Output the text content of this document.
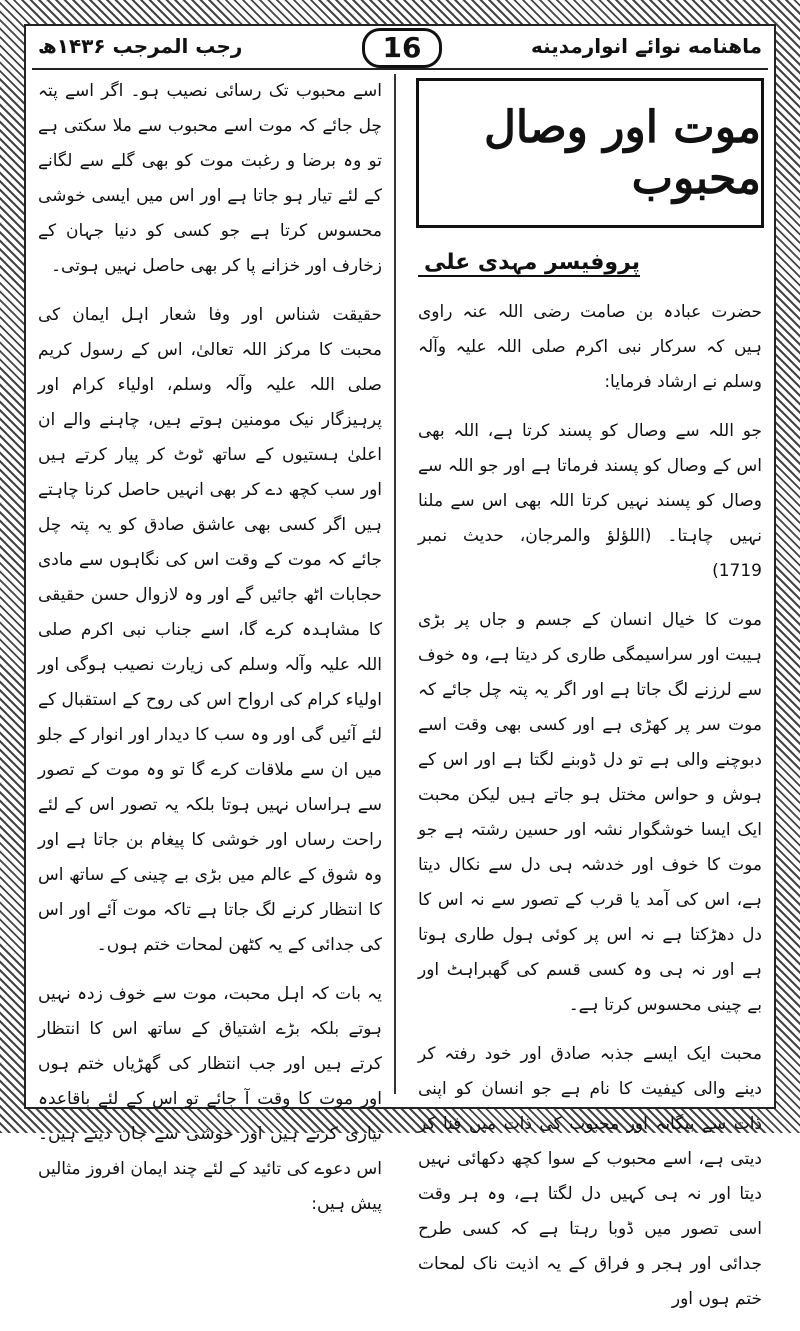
ماهنامه نوائے انوارمدینه
16
رجب المرجب ۱۴۳۶ھ
موت اور وصال محبوب
پروفیسر مہدی علی

حضرت عبادہ بن صامت رضی اللہ عنہ راوی ہیں کہ سرکار نبی اکرم صلی اللہ علیہ وآلہ وسلم نے ارشاد فرمایا:

جو اللہ سے وصال کو پسند کرتا ہے، اللہ بھی اس کے وصال کو پسند فرماتا ہے اور جو اللہ سے وصال کو پسند نہیں کرتا اللہ بھی اس سے ملنا نہیں چاہتا۔ (اللؤلؤ والمرجان، حدیث نمبر 1719)

موت کا خیال انسان کے جسم و جاں پر بڑی ہیبت اور سراسیمگی طاری کر دیتا ہے، وہ خوف سے لرزنے لگ جاتا ہے اور اگر یہ پتہ چل جائے کہ موت سر پر کھڑی ہے اور کسی بھی وقت اسے دبوچنے والی ہے تو دل ڈوبنے لگتا ہے اور اس کے ہوش و حواس مختل ہو جاتے ہیں لیکن محبت ایک ایسا خوشگوار نشہ اور حسین رشتہ ہے جو موت کا خوف اور خدشہ ہی دل سے نکال دیتا ہے، اس کی آمد یا قرب کے تصور سے نہ اس کا دل دھڑکتا ہے نہ اس پر کوئی ہول طاری ہوتا ہے اور نہ ہی وہ کسی قسم کی گھبراہٹ اور بے چینی محسوس کرتا ہے۔

محبت ایک ایسے جذبہ صادق اور خود رفتہ کر دینے والی کیفیت کا نام ہے جو انسان کو اپنی ذات سے بیگانہ اور محبوب کی ذات میں فنا کر دیتی ہے، اسے محبوب کے سوا کچھ دکھائی نہیں دیتا اور نہ ہی کہیں دل لگتا ہے، وہ ہر وقت اسی تصور میں ڈوبا رہتا ہے کہ کسی طرح جدائی اور ہجر و فراق کے یہ اذیت ناک لمحات ختم ہوں اور

اسے محبوب تک رسائی نصیب ہو۔ اگر اسے پتہ چل جائے کہ موت اسے محبوب سے ملا سکتی ہے تو وہ برضا و رغبت موت کو بھی گلے سے لگانے کے لئے تیار ہو جاتا ہے اور اس میں ایسی خوشی محسوس کرتا ہے جو کسی کو دنیا جہان کے زخارف اور خزانے پا کر بھی حاصل نہیں ہوتی۔

حقیقت شناس اور وفا شعار اہل ایمان کی محبت کا مرکز اللہ تعالیٰ، اس کے رسول کریم صلی اللہ علیہ وآلہ وسلم، اولیاء کرام اور پرہیزگار نیک مومنین ہوتے ہیں، چاہنے والے ان اعلیٰ ہستیوں کے ساتھ ٹوٹ کر پیار کرتے ہیں اور سب کچھ دے کر بھی انہیں حاصل کرنا چاہتے ہیں اگر کسی بھی عاشق صادق کو یہ پتہ چل جائے کہ موت کے وقت اس کی نگاہوں سے مادی حجابات اٹھ جائیں گے اور وہ لازوال حسن حقیقی کا مشاہدہ کرے گا، اسے جناب نبی اکرم صلی اللہ علیہ وآلہ وسلم کی زیارت نصیب ہوگی اور اولیاء کرام کی ارواح اس کی روح کے استقبال کے لئے آئیں گی اور وہ سب کا دیدار اور انوار کے جلو میں ان سے ملاقات کرے گا تو وہ موت کے تصور سے ہراساں نہیں ہوتا بلکہ یہ تصور اس کے لئے راحت رساں اور خوشی کا پیغام بن جاتا ہے اور وہ شوق کے عالم میں بڑی بے چینی کے ساتھ اس کا انتظار کرنے لگ جاتا ہے تاکہ موت آئے اور اس کی جدائی کے یہ کٹھن لمحات ختم ہوں۔

یہ بات کہ اہل محبت، موت سے خوف زدہ نہیں ہوتے بلکہ بڑے اشتیاق کے ساتھ اس کا انتظار کرتے ہیں اور جب انتظار کی گھڑیاں ختم ہوں اور موت کا وقت آ جائے تو اس کے لئے باقاعدہ تیاری کرتے ہیں اور خوشی سے جان دیتے ہیں۔ اس دعوے کی تائید کے لئے چند ایمان افروز مثالیں پیش ہیں:
